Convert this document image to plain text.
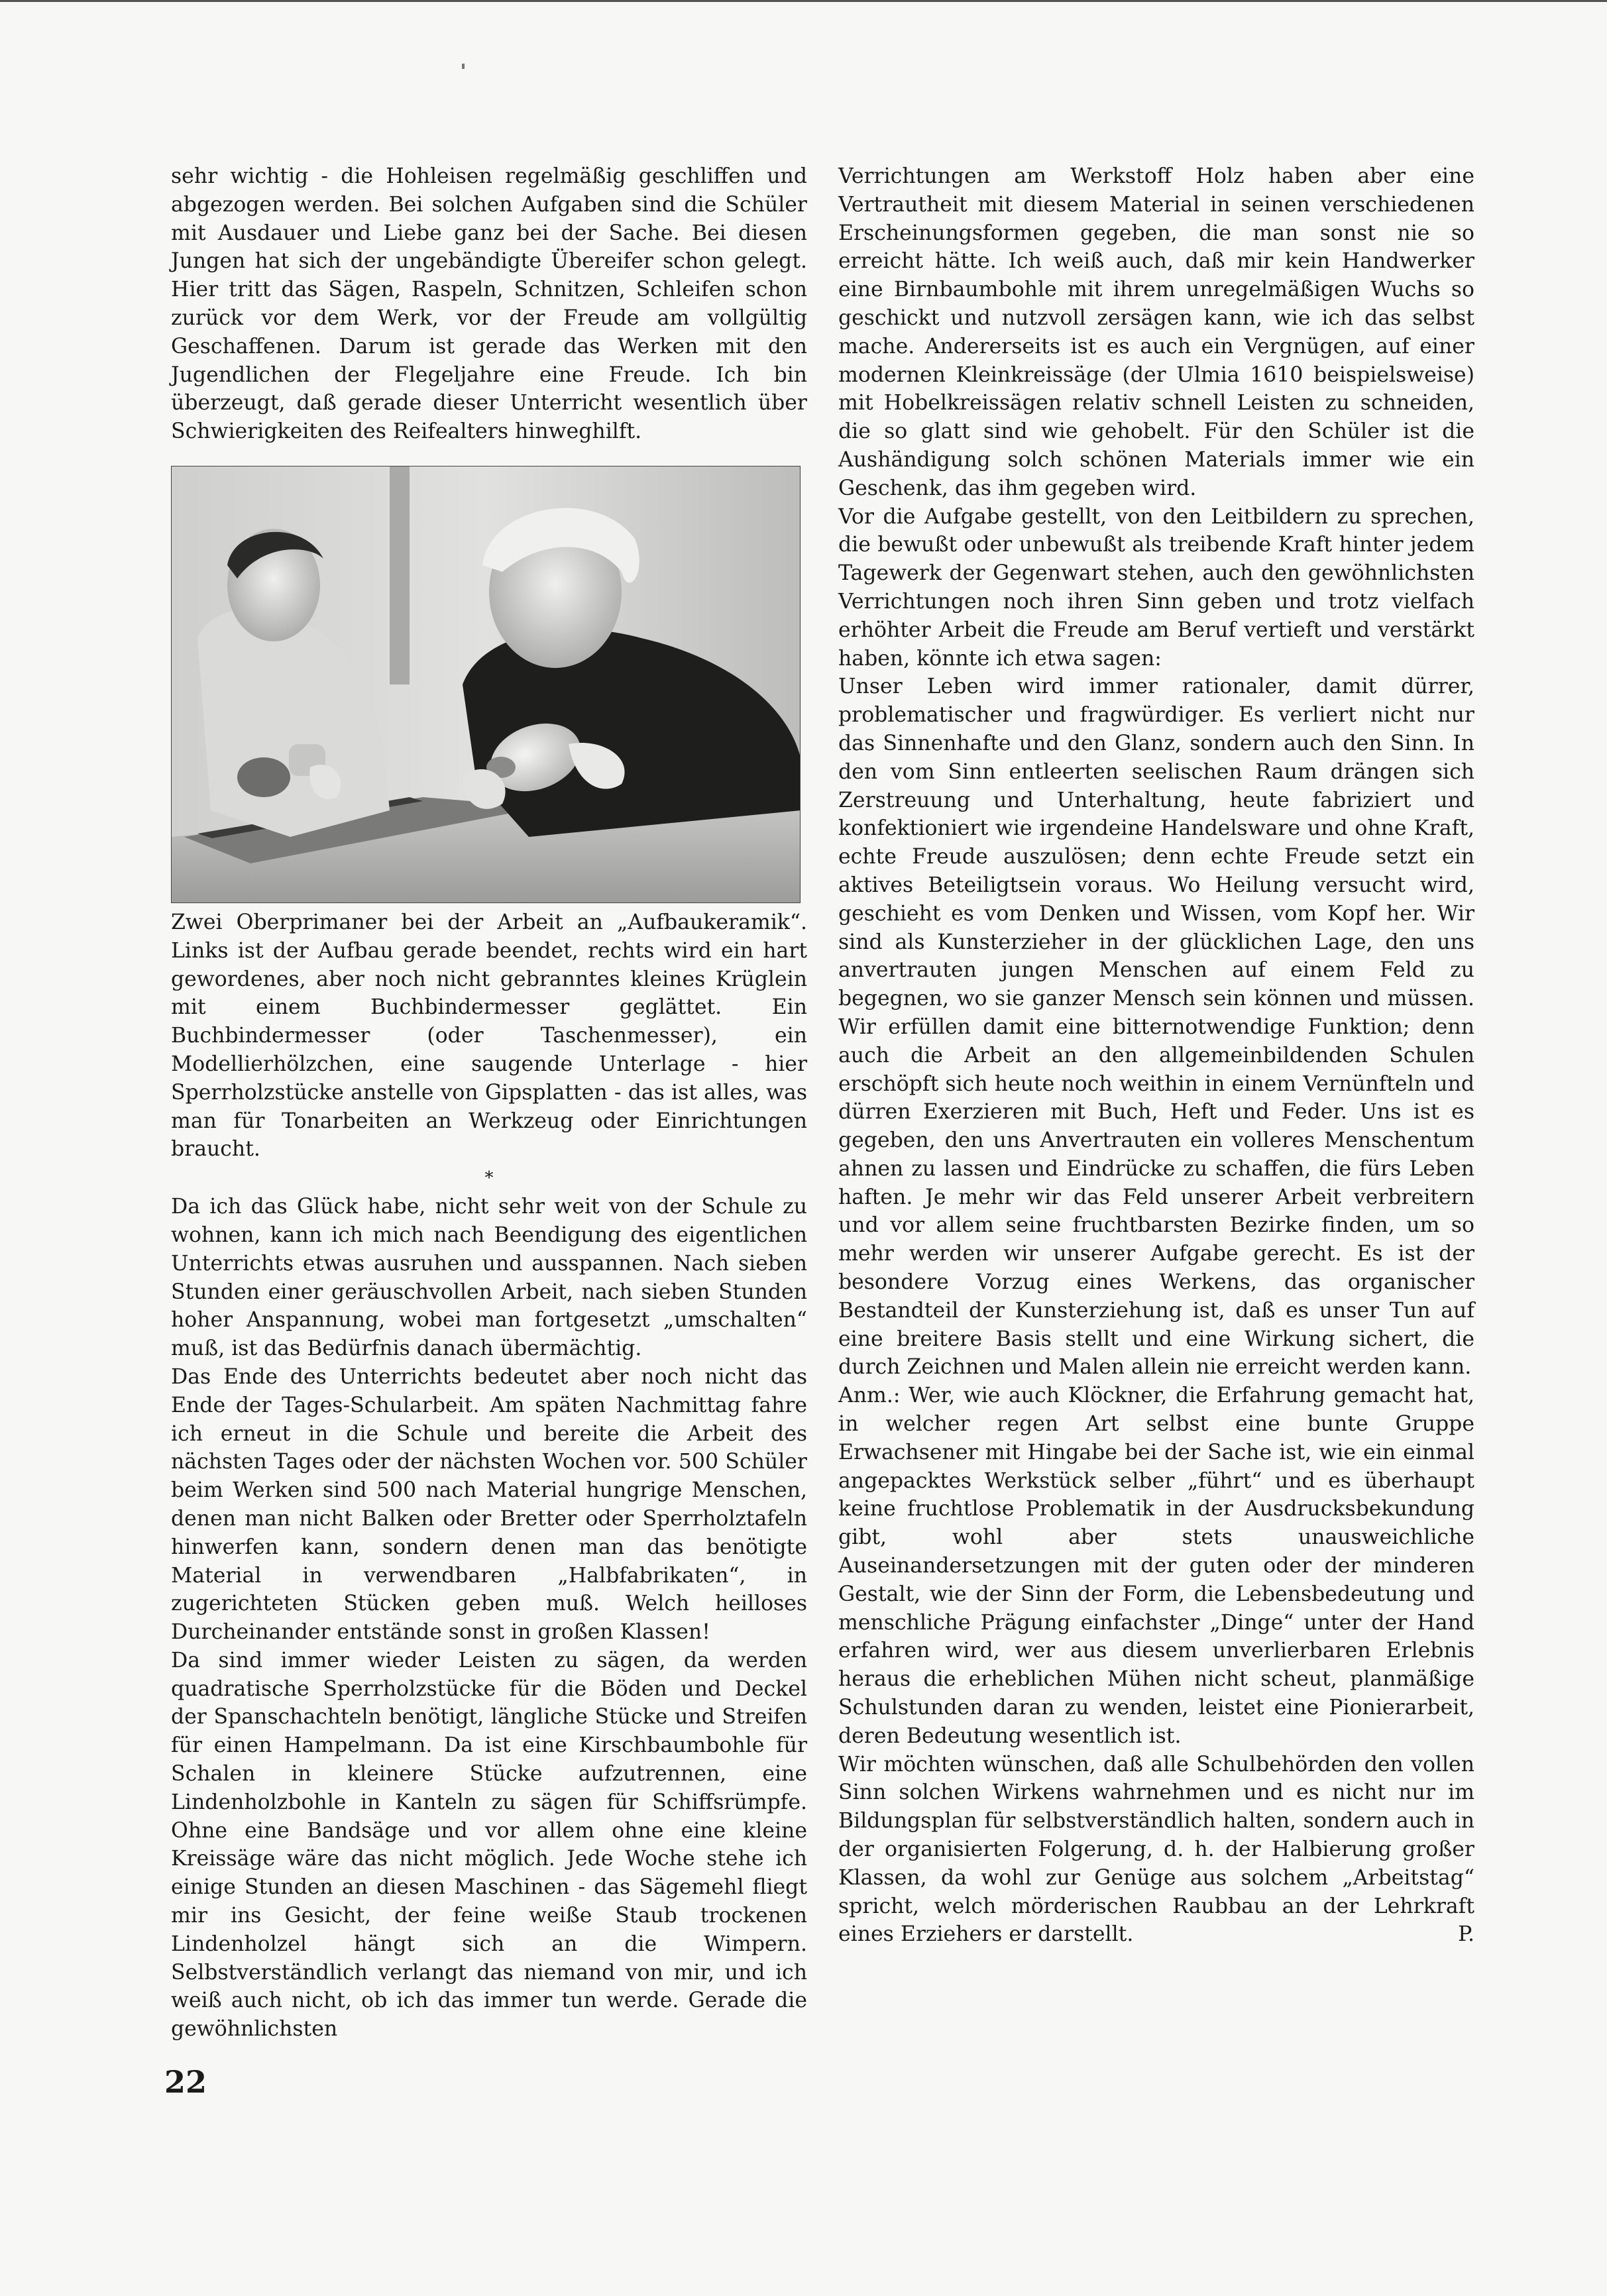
sehr wichtig - die Hohleisen regelmäßig geschliffen und abgezogen werden. Bei solchen Aufgaben sind die Schüler mit Ausdauer und Liebe ganz bei der Sache. Bei diesen Jungen hat sich der ungebändigte Übereifer schon gelegt. Hier tritt das Sägen, Raspeln, Schnitzen, Schleifen schon zurück vor dem Werk, vor der Freude am vollgültig Geschaffenen. Darum ist gerade das Werken mit den Jugendlichen der Flegeljahre eine Freude. Ich bin überzeugt, daß gerade dieser Unterricht wesentlich über Schwierigkeiten des Reifealters hinweghilft.

Zwei Oberprimaner bei der Arbeit an „Aufbaukeramik“. Links ist der Aufbau gerade beendet, rechts wird ein hart gewordenes, aber noch nicht gebranntes kleines Krüglein mit einem Buchbindermesser geglättet. Ein Buchbindermesser (oder Taschenmesser), ein Modellierhölzchen, eine saugende Unterlage - hier Sperrholzstücke anstelle von Gipsplatten - das ist alles, was man für Tonarbeiten an Werkzeug oder Einrichtungen braucht.

*

Da ich das Glück habe, nicht sehr weit von der Schule zu wohnen, kann ich mich nach Beendigung des eigentlichen Unterrichts etwas ausruhen und ausspannen. Nach sieben Stunden einer geräuschvollen Arbeit, nach sieben Stunden hoher Anspannung, wobei man fortgesetzt „umschalten“ muß, ist das Bedürfnis danach übermächtig.

Das Ende des Unterrichts bedeutet aber noch nicht das Ende der Tages-Schularbeit. Am späten Nachmittag fahre ich erneut in die Schule und bereite die Arbeit des nächsten Tages oder der nächsten Wochen vor. 500 Schüler beim Werken sind 500 nach Material hungrige Menschen, denen man nicht Balken oder Bretter oder Sperrholztafeln hinwerfen kann, sondern denen man das benötigte Material in verwendbaren „Halbfabrikaten“, in zugerichteten Stücken geben muß. Welch heilloses Durcheinander entstände sonst in großen Klassen!

Da sind immer wieder Leisten zu sägen, da werden quadratische Sperrholzstücke für die Böden und Deckel der Spanschachteln benötigt, längliche Stücke und Streifen für einen Hampelmann. Da ist eine Kirschbaumbohle für Schalen in kleinere Stücke aufzutrennen, eine Lindenholzbohle in Kanteln zu sägen für Schiffsrümpfe. Ohne eine Bandsäge und vor allem ohne eine kleine Kreissäge wäre das nicht möglich. Jede Woche stehe ich einige Stunden an diesen Maschinen - das Sägemehl fliegt mir ins Gesicht, der feine weiße Staub trockenen Lindenholzel hängt sich an die Wimpern. Selbstverständlich verlangt das niemand von mir, und ich weiß auch nicht, ob ich das immer tun werde. Gerade die gewöhnlichsten

Verrichtungen am Werkstoff Holz haben aber eine Vertrautheit mit diesem Material in seinen verschiedenen Erscheinungsformen gegeben, die man sonst nie so erreicht hätte. Ich weiß auch, daß mir kein Handwerker eine Birnbaumbohle mit ihrem unregelmäßigen Wuchs so geschickt und nutzvoll zersägen kann, wie ich das selbst mache. Andererseits ist es auch ein Vergnügen, auf einer modernen Kleinkreissäge (der Ulmia 1610 beispielsweise) mit Hobelkreissägen relativ schnell Leisten zu schneiden, die so glatt sind wie gehobelt. Für den Schüler ist die Aushändigung solch schönen Materials immer wie ein Geschenk, das ihm gegeben wird.

Vor die Aufgabe gestellt, von den Leitbildern zu sprechen, die bewußt oder unbewußt als treibende Kraft hinter jedem Tagewerk der Gegenwart stehen, auch den gewöhnlichsten Verrichtungen noch ihren Sinn geben und trotz vielfach erhöhter Arbeit die Freude am Beruf vertieft und verstärkt haben, könnte ich etwa sagen:

Unser Leben wird immer rationaler, damit dürrer, problematischer und fragwürdiger. Es verliert nicht nur das Sinnenhafte und den Glanz, sondern auch den Sinn. In den vom Sinn entleerten seelischen Raum drängen sich Zerstreuung und Unterhaltung, heute fabriziert und konfektioniert wie irgendeine Handelsware und ohne Kraft, echte Freude auszulösen; denn echte Freude setzt ein aktives Beteiligtsein voraus. Wo Heilung versucht wird, geschieht es vom Denken und Wissen, vom Kopf her. Wir sind als Kunsterzieher in der glücklichen Lage, den uns anvertrauten jungen Menschen auf einem Feld zu begegnen, wo sie ganzer Mensch sein können und müssen. Wir erfüllen damit eine bitternotwendige Funktion; denn auch die Arbeit an den allgemeinbildenden Schulen erschöpft sich heute noch weithin in einem Vernünfteln und dürren Exerzieren mit Buch, Heft und Feder. Uns ist es gegeben, den uns Anvertrauten ein volleres Menschentum ahnen zu lassen und Eindrücke zu schaffen, die fürs Leben haften. Je mehr wir das Feld unserer Arbeit verbreitern und vor allem seine fruchtbarsten Bezirke finden, um so mehr werden wir unserer Aufgabe gerecht. Es ist der besondere Vorzug eines Werkens, das organischer Bestandteil der Kunsterziehung ist, daß es unser Tun auf eine breitere Basis stellt und eine Wirkung sichert, die durch Zeichnen und Malen allein nie erreicht werden kann.

Anm.: Wer, wie auch Klöckner, die Erfahrung gemacht hat, in welcher regen Art selbst eine bunte Gruppe Erwachsener mit Hingabe bei der Sache ist, wie ein einmal angepacktes Werkstück selber „führt“ und es überhaupt keine fruchtlose Problematik in der Ausdrucksbekundung gibt, wohl aber stets unausweichliche Auseinandersetzungen mit der guten oder der minderen Gestalt, wie der Sinn der Form, die Lebensbedeutung und menschliche Prägung einfachster „Dinge“ unter der Hand erfahren wird, wer aus diesem unverlierbaren Erlebnis heraus die erheblichen Mühen nicht scheut, planmäßige Schulstunden daran zu wenden, leistet eine Pionierarbeit, deren Bedeutung wesentlich ist.

Wir möchten wünschen, daß alle Schulbehörden den vollen Sinn solchen Wirkens wahrnehmen und es nicht nur im Bildungsplan für selbstverständlich halten, sondern auch in der organisierten Folgerung, d. h. der Halbierung großer Klassen, da wohl zur Genüge aus solchem „Arbeitstag“ spricht, welch mörderischen Raubbau an der Lehrkraft eines Erziehers er darstellt.	P.

22
